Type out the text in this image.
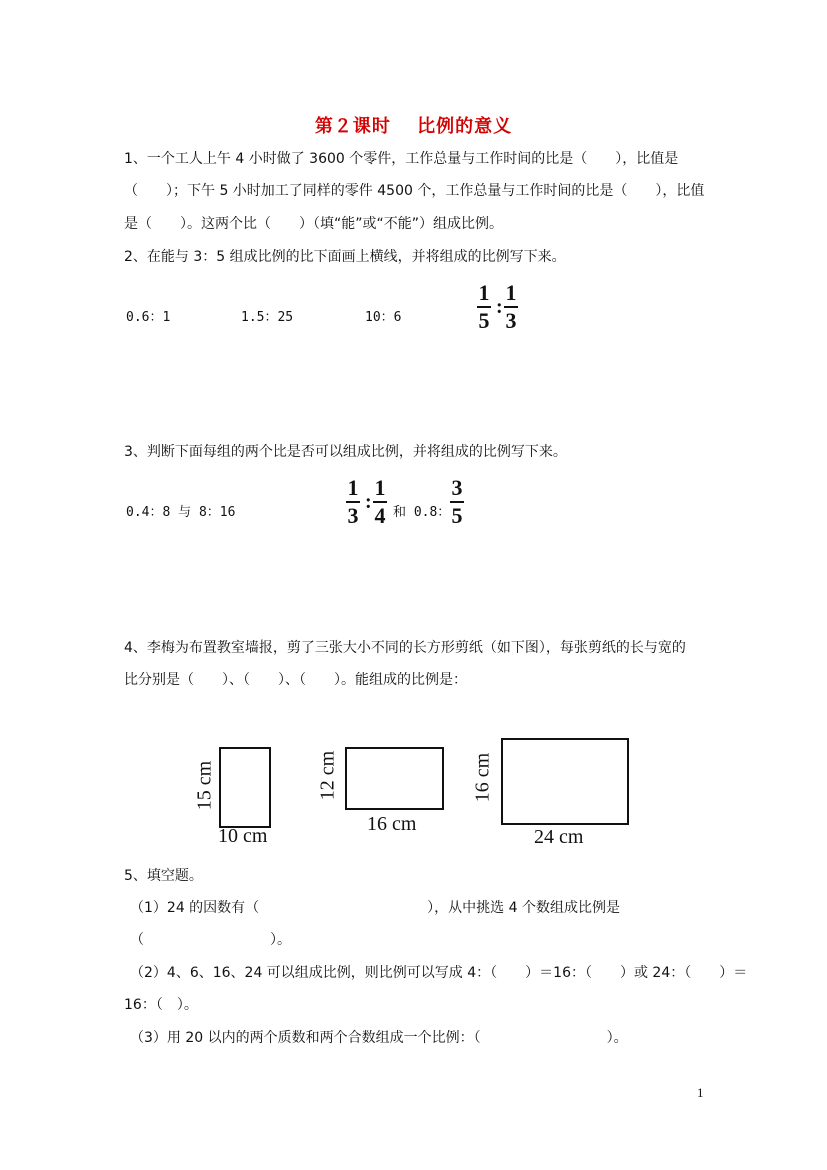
第２课时　 比例的意义
1、一个工人上午 4 小时做了 3600 个零件，工作总量与工作时间的比是（　　），比值是
（　　）；下午 5 小时加工了同样的零件 4500 个，工作总量与工作时间的比是（　　），比值
是（　　）。这两个比（　　）（填“能”或“不能”）组成比例。
2、在能与 3：5 组成比例的比下面画上横线，并将组成的比例写下来。
0.6：1	1.5：25	10：6
1
5
:
1
3
3、判断下面每组的两个比是否可以组成比例，并将组成的比例写下来。
0.4：8 与 8：16
1
3
:
1
4 和 0.8：
3
5
4、李梅为布置教室墙报，剪了三张大小不同的长方形剪纸（如下图），每张剪纸的长与宽的
比分别是（　　）、（　　）、（　　）。能组成的比例是：
15 cm
10 cm
12 cm
16 cm
16 cm
24 cm
5、填空题。
（1）24 的因数有（　　　　　　　　　　　　），从中挑选 4 个数组成比例是
（　　　　　　　　　）。
（2）4、6、16、24 可以组成比例，则比例可以写成 4：（　　）＝16：（　　）或 24：（　　）＝
16：（　）。
（3）用 20 以内的两个质数和两个合数组成一个比例：（　　　　　　　　　）。
1
